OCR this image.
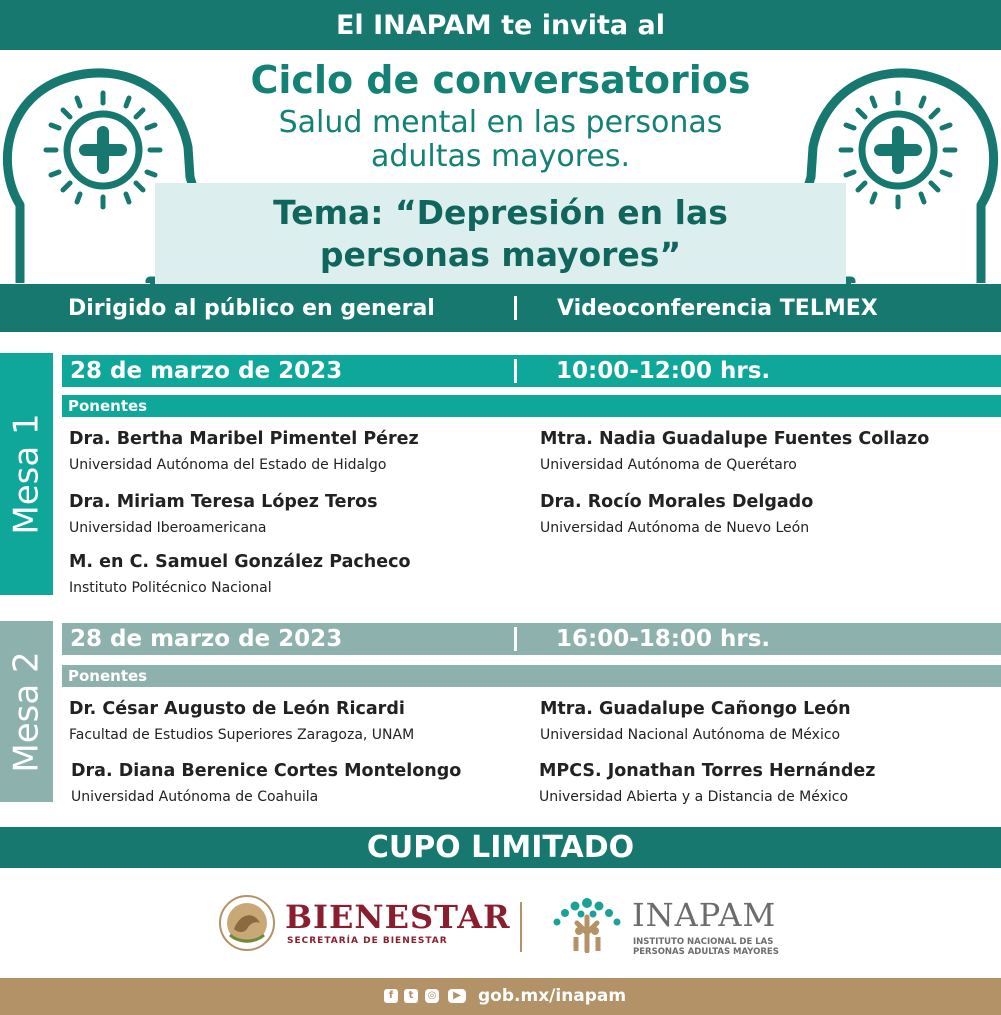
El INAPAM te invita al
Ciclo de conversatorios
Salud mental en las personas
adultas mayores.
Tema: “Depresión en las
personas mayores”
Dirigido al público en general	Videoconferencia TELMEX
Mesa 1
28 de marzo de 2023	10:00-12:00 hrs.
Ponentes
Dra. Bertha Maribel Pimentel Pérez
Universidad Autónoma del Estado de Hidalgo
Mtra. Nadia Guadalupe Fuentes Collazo
Universidad Autónoma de Querétaro
Dra. Miriam Teresa López Teros
Universidad Iberoamericana
Dra. Rocío Morales Delgado
Universidad Autónoma de Nuevo León
M. en C. Samuel González Pacheco
Instituto Politécnico Nacional
Mesa 2
28 de marzo de 2023	16:00-18:00 hrs.
Ponentes
Dr. César Augusto de León Ricardi
Facultad de Estudios Superiores Zaragoza, UNAM
Mtra. Guadalupe Cañongo León
Universidad Nacional Autónoma de México
Dra. Diana Berenice Cortes Montelongo
Universidad Autónoma de Coahuila
MPCS. Jonathan Torres Hernández
Universidad Abierta y a Distancia de México
CUPO LIMITADO
BIENESTAR
SECRETARÍA DE BIENESTAR
INAPAM
INSTITUTO NACIONAL DE LAS
PERSONAS ADULTAS MAYORES
f	t	◎	▶	gob.mx/inapam
